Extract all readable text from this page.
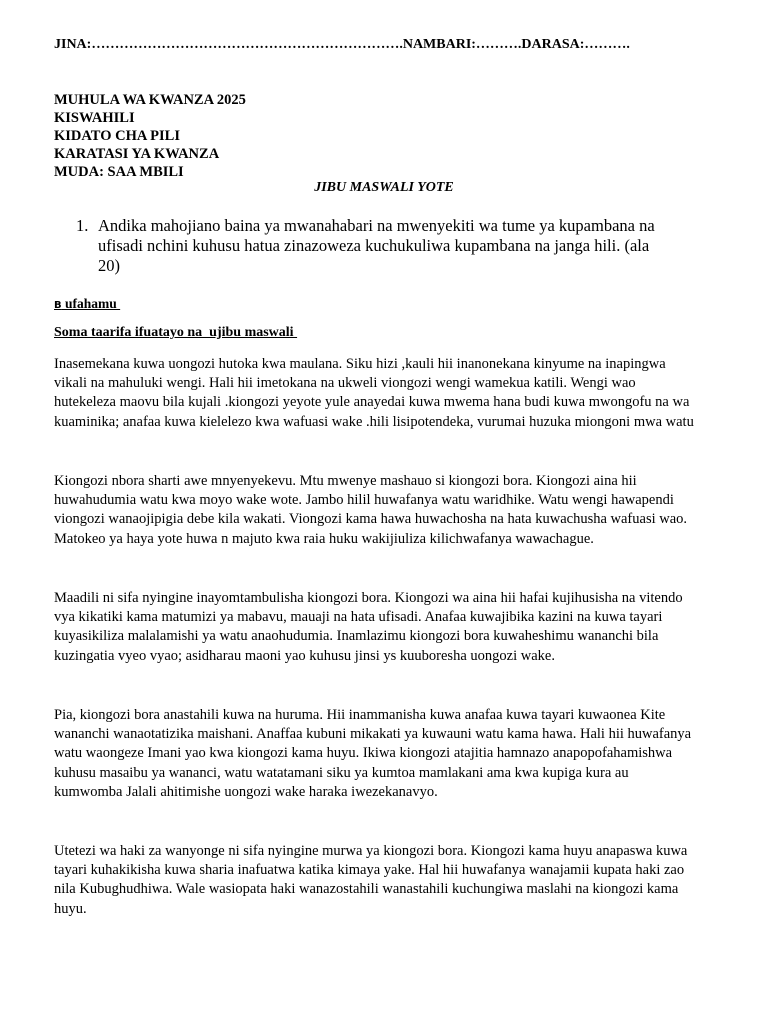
JINA:………………………………………………………….NAMBARI:……….DARASA:……….
MUHULA WA KWANZA 2025
KISWAHILI
KIDATO CHA PILI
KARATASI YA KWANZA
MUDA: SAA MBILI
JIBU MASWALI YOTE
1. Andika mahojiano baina ya mwanahabari na mwenyekiti wa tume ya kupambana na
ufisadi nchini kuhusu hatua zinazoweza kuchukuliwa kupambana na janga hili. (ala
20)
B ufahamu
Soma taarifa ifuatayo na  ujibu maswali
Inasemekana kuwa uongozi hutoka kwa maulana. Siku hizi ,kauli hii inanonekana kinyume na inapingwa
vikali na mahuluki wengi. Hali hii imetokana na ukweli viongozi wengi wamekua katili. Wengi wao
hutekeleza maovu bila kujali .kiongozi yeyote yule anayedai kuwa mwema hana budi kuwa mwongofu na wa
kuaminika; anafaa kuwa kielelezo kwa wafuasi wake .hili lisipotendeka, vurumai huzuka miongoni mwa watu
Kiongozi nbora sharti awe mnyenyekevu. Mtu mwenye mashauo si kiongozi bora. Kiongozi aina hii
huwahudumia watu kwa moyo wake wote. Jambo hilil huwafanya watu waridhike. Watu wengi hawapendi
viongozi wanaojipigia debe kila wakati. Viongozi kama hawa huwachosha na hata kuwachusha wafuasi wao.
Matokeo ya haya yote huwa n majuto kwa raia huku wakijiuliza kilichwafanya wawachague.
Maadili ni sifa nyingine inayomtambulisha kiongozi bora. Kiongozi wa aina hii hafai kujihusisha na vitendo
vya kikatiki kama matumizi ya mabavu, mauaji na hata ufisadi. Anafaa kuwajibika kazini na kuwa tayari
kuyasikiliza malalamishi ya watu anaohudumia. Inamlazimu kiongozi bora kuwaheshimu wananchi bila
kuzingatia vyeo vyao; asidharau maoni yao kuhusu jinsi ys kuuboresha uongozi wake.
Pia, kiongozi bora anastahili kuwa na huruma. Hii inammanisha kuwa anafaa kuwa tayari kuwaonea Kite
wananchi wanaotatizika maishani. Anaffaa kubuni mikakati ya kuwauni watu kama hawa. Hali hii huwafanya
watu waongeze Imani yao kwa kiongozi kama huyu. Ikiwa kiongozi atajitia hamnazo anapopofahamishwa
kuhusu masaibu ya wananci, watu watatamani siku ya kumtoa mamlakani ama kwa kupiga kura au
kumwomba Jalali ahitimishe uongozi wake haraka iwezekanavyo.
Utetezi wa haki za wanyonge ni sifa nyingine murwa ya kiongozi bora. Kiongozi kama huyu anapaswa kuwa
tayari kuhakikisha kuwa sharia inafuatwa katika kimaya yake. Hal hii huwafanya wanajamii kupata haki zao
nila Kubughudhiwa. Wale wasiopata haki wanazostahili wanastahili kuchungiwa maslahi na kiongozi kama
huyu.
